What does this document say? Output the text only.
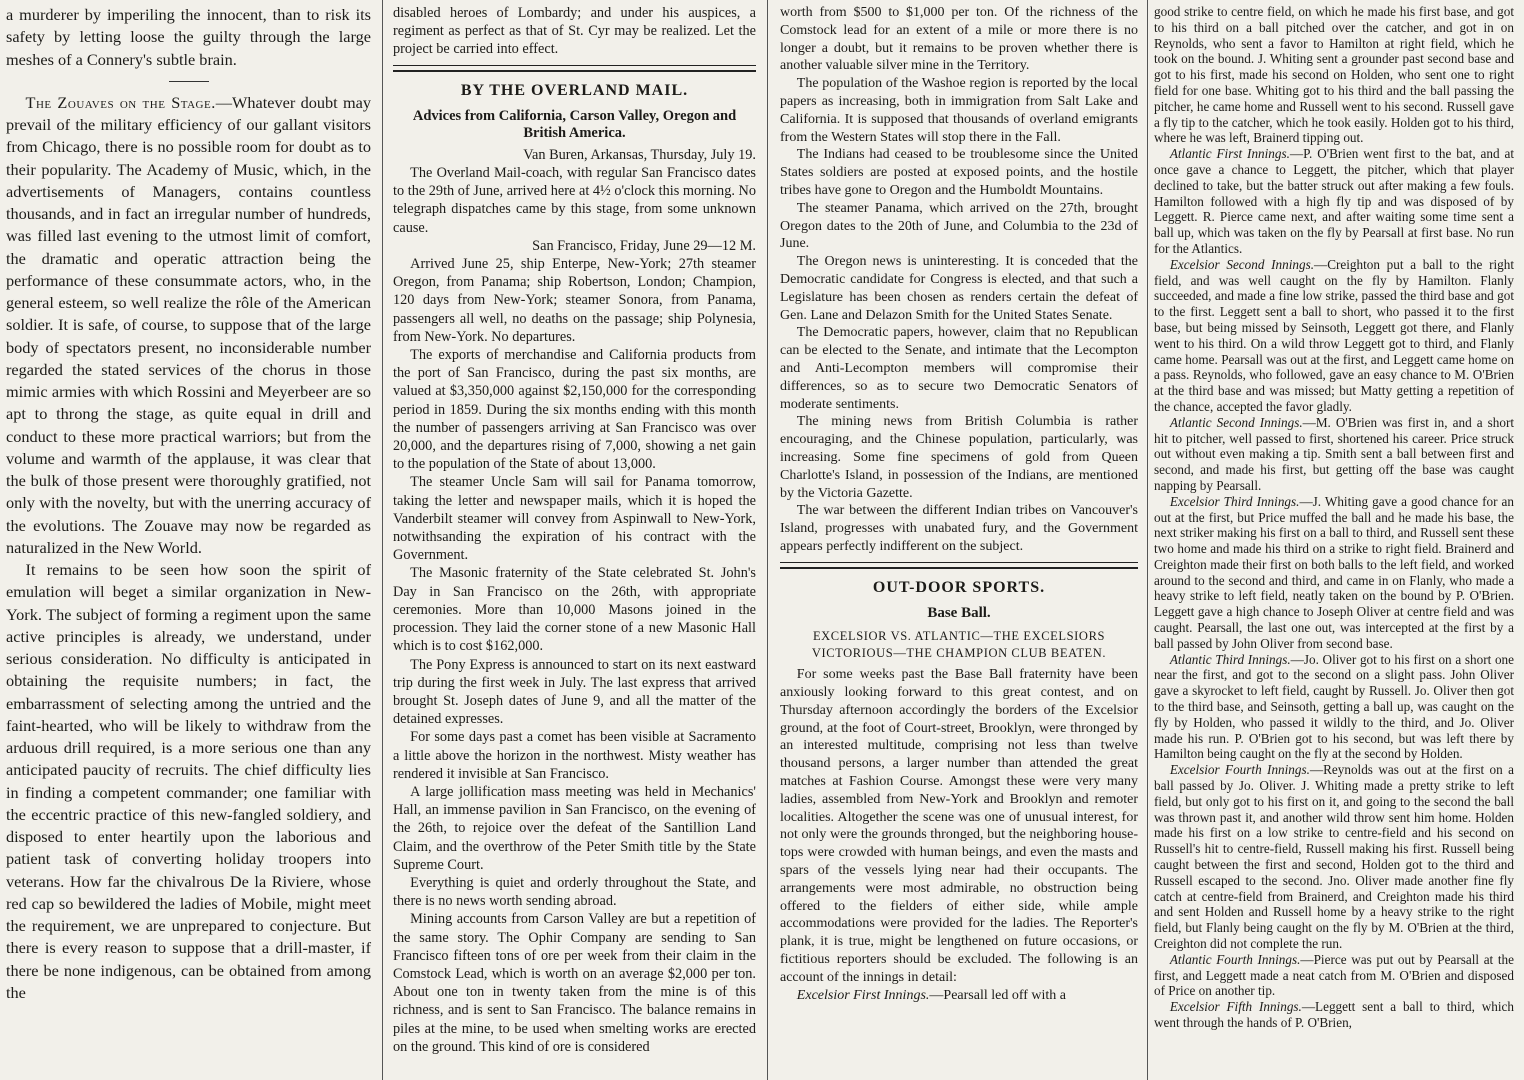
a murderer by imperiling the innocent, than to risk its safety by letting loose the guilty through the large meshes of a Connery's subtle brain.

The Zouaves on the Stage.—Whatever doubt may prevail of the military efficiency of our gallant visitors from Chicago, there is no possible room for doubt as to their popularity. The Academy of Music, which, in the advertisements of Managers, contains countless thousands, and in fact an irregular number of hundreds, was filled last evening to the utmost limit of comfort, the dramatic and operatic attraction being the performance of these consummate actors, who, in the general esteem, so well realize the rôle of the American soldier. It is safe, of course, to suppose that of the large body of spectators present, no inconsiderable number regarded the stated services of the chorus in those mimic armies with which Rossini and Meyerbeer are so apt to throng the stage, as quite equal in drill and conduct to these more practical warriors; but from the volume and warmth of the applause, it was clear that the bulk of those present were thoroughly gratified, not only with the novelty, but with the unerring accuracy of the evolutions. The Zouave may now be regarded as naturalized in the New World.

It remains to be seen how soon the spirit of emulation will beget a similar organization in New-York. The subject of forming a regiment upon the same active principles is already, we understand, under serious consideration. No difficulty is anticipated in obtaining the requisite numbers; in fact, the embarrassment of selecting among the untried and the faint-hearted, who will be likely to withdraw from the arduous drill required, is a more serious one than any anticipated paucity of recruits. The chief difficulty lies in finding a competent commander; one familiar with the eccentric practice of this new-fangled soldiery, and disposed to enter heartily upon the laborious and patient task of converting holiday troopers into veterans. How far the chivalrous De la Riviere, whose red cap so bewildered the ladies of Mobile, might meet the requirement, we are unprepared to conjecture. But there is every reason to suppose that a drill-master, if there be none indigenous, can be obtained from among the

disabled heroes of Lombardy; and under his auspices, a regiment as perfect as that of St. Cyr may be realized. Let the project be carried into effect.

BY THE OVERLAND MAIL.
Advices from California, Carson Valley, Oregon and British America.

Van Buren, Arkansas, Thursday, July 19.

The Overland Mail-coach, with regular San Francisco dates to the 29th of June, arrived here at 4½ o'clock this morning. No telegraph dispatches came by this stage, from some unknown cause.

San Francisco, Friday, June 29—12 M.

Arrived June 25, ship Enterpe, New-York; 27th steamer Oregon, from Panama; ship Robertson, London; Champion, 120 days from New-York; steamer Sonora, from Panama, passengers all well, no deaths on the passage; ship Polynesia, from New-York. No departures.

The exports of merchandise and California products from the port of San Francisco, during the past six months, are valued at $3,350,000 against $2,150,000 for the corresponding period in 1859. During the six months ending with this month the number of passengers arriving at San Francisco was over 20,000, and the departures rising of 7,000, showing a net gain to the population of the State of about 13,000.

The steamer Uncle Sam will sail for Panama tomorrow, taking the letter and newspaper mails, which it is hoped the Vanderbilt steamer will convey from Aspinwall to New-York, notwithsanding the expiration of his contract with the Government.

The Masonic fraternity of the State celebrated St. John's Day in San Francisco on the 26th, with appropriate ceremonies. More than 10,000 Masons joined in the procession. They laid the corner stone of a new Masonic Hall which is to cost $162,000.

The Pony Express is announced to start on its next eastward trip during the first week in July. The last express that arrived brought St. Joseph dates of June 9, and all the matter of the detained expresses.

For some days past a comet has been visible at Sacramento a little above the horizon in the northwest. Misty weather has rendered it invisible at San Francisco.

A large jollification mass meeting was held in Mechanics' Hall, an immense pavilion in San Francisco, on the evening of the 26th, to rejoice over the defeat of the Santillion Land Claim, and the overthrow of the Peter Smith title by the State Supreme Court.

Everything is quiet and orderly throughout the State, and there is no news worth sending abroad.

Mining accounts from Carson Valley are but a repetition of the same story. The Ophir Company are sending to San Francisco fifteen tons of ore per week from their claim in the Comstock Lead, which is worth on an average $2,000 per ton. About one ton in twenty taken from the mine is of this richness, and is sent to San Francisco. The balance remains in piles at the mine, to be used when smelting works are erected on the ground. This kind of ore is considered

worth from $500 to $1,000 per ton. Of the richness of the Comstock lead for an extent of a mile or more there is no longer a doubt, but it remains to be proven whether there is another valuable silver mine in the Territory.

The population of the Washoe region is reported by the local papers as increasing, both in immigration from Salt Lake and California. It is supposed that thousands of overland emigrants from the Western States will stop there in the Fall.

The Indians had ceased to be troublesome since the United States soldiers are posted at exposed points, and the hostile tribes have gone to Oregon and the Humboldt Mountains.

The steamer Panama, which arrived on the 27th, brought Oregon dates to the 20th of June, and Columbia to the 23d of June.

The Oregon news is uninteresting. It is conceded that the Democratic candidate for Congress is elected, and that such a Legislature has been chosen as renders certain the defeat of Gen. Lane and Delazon Smith for the United States Senate.

The Democratic papers, however, claim that no Republican can be elected to the Senate, and intimate that the Lecompton and Anti-Lecompton members will compromise their differences, so as to secure two Democratic Senators of moderate sentiments.

The mining news from British Columbia is rather encouraging, and the Chinese population, particularly, was increasing. Some fine specimens of gold from Queen Charlotte's Island, in possession of the Indians, are mentioned by the Victoria Gazette.

The war between the different Indian tribes on Vancouver's Island, progresses with unabated fury, and the Government appears perfectly indifferent on the subject.

OUT-DOOR SPORTS.
Base Ball.
EXCELSIOR VS. ATLANTIC—THE EXCELSIORS VICTORIOUS—THE CHAMPION CLUB BEATEN.

For some weeks past the Base Ball fraternity have been anxiously looking forward to this great contest, and on Thursday afternoon accordingly the borders of the Excelsior ground, at the foot of Court-street, Brooklyn, were thronged by an interested multitude, comprising not less than twelve thousand persons, a larger number than attended the great matches at Fashion Course. Amongst these were very many ladies, assembled from New-York and Brooklyn and remoter localities. Altogether the scene was one of unusual interest, for not only were the grounds thronged, but the neighboring house-tops were crowded with human beings, and even the masts and spars of the vessels lying near had their occupants. The arrangements were most admirable, no obstruction being offered to the fielders of either side, while ample accommodations were provided for the ladies. The Reporter's plank, it is true, might be lengthened on future occasions, or fictitious reporters should be excluded. The following is an account of the innings in detail:

Excelsior First Innings.—Pearsall led off with a

good strike to centre field, on which he made his first base, and got to his third on a ball pitched over the catcher, and got in on Reynolds, who sent a favor to Hamilton at right field, which he took on the bound. J. Whiting sent a grounder past second base and got to his first, made his second on Holden, who sent one to right field for one base. Whiting got to his third and the ball passing the pitcher, he came home and Russell went to his second. Russell gave a fly tip to the catcher, which he took easily. Holden got to his third, where he was left, Brainerd tipping out.

Atlantic First Innings.—P. O'Brien went first to the bat, and at once gave a chance to Leggett, the pitcher, which that player declined to take, but the batter struck out after making a few fouls. Hamilton followed with a high fly tip and was disposed of by Leggett. R. Pierce came next, and after waiting some time sent a ball up, which was taken on the fly by Pearsall at first base. No run for the Atlantics.

Excelsior Second Innings.—Creighton put a ball to the right field, and was well caught on the fly by Hamilton. Flanly succeeded, and made a fine low strike, passed the third base and got to the first. Leggett sent a ball to short, who passed it to the first base, but being missed by Seinsoth, Leggett got there, and Flanly went to his third. On a wild throw Leggett got to third, and Flanly came home. Pearsall was out at the first, and Leggett came home on a pass. Reynolds, who followed, gave an easy chance to M. O'Brien at the third base and was missed; but Matty getting a repetition of the chance, accepted the favor gladly.

Atlantic Second Innings.—M. O'Brien was first in, and a short hit to pitcher, well passed to first, shortened his career. Price struck out without even making a tip. Smith sent a ball between first and second, and made his first, but getting off the base was caught napping by Pearsall.

Excelsior Third Innings.—J. Whiting gave a good chance for an out at the first, but Price muffed the ball and he made his base, the next striker making his first on a ball to third, and Russell sent these two home and made his third on a strike to right field. Brainerd and Creighton made their first on both balls to the left field, and worked around to the second and third, and came in on Flanly, who made a heavy strike to left field, neatly taken on the bound by P. O'Brien. Leggett gave a high chance to Joseph Oliver at centre field and was caught. Pearsall, the last one out, was intercepted at the first by a ball passed by John Oliver from second base.

Atlantic Third Innings.—Jo. Oliver got to his first on a short one near the first, and got to the second on a slight pass. John Oliver gave a skyrocket to left field, caught by Russell. Jo. Oliver then got to the third base, and Seinsoth, getting a ball up, was caught on the fly by Holden, who passed it wildly to the third, and Jo. Oliver made his run. P. O'Brien got to his second, but was left there by Hamilton being caught on the fly at the second by Holden.

Excelsior Fourth Innings.—Reynolds was out at the first on a ball passed by Jo. Oliver. J. Whiting made a pretty strike to left field, but only got to his first on it, and going to the second the ball was thrown past it, and another wild throw sent him home. Holden made his first on a low strike to centre-field and his second on Russell's hit to centre-field, Russell making his first. Russell being caught between the first and second, Holden got to the third and Russell escaped to the second. Jno. Oliver made another fine fly catch at centre-field from Brainerd, and Creighton made his third and sent Holden and Russell home by a heavy strike to the right field, but Flanly being caught on the fly by M. O'Brien at the third, Creighton did not complete the run.

Atlantic Fourth Innings.—Pierce was put out by Pearsall at the first, and Leggett made a neat catch from M. O'Brien and disposed of Price on another tip.

Excelsior Fifth Innings.—Leggett sent a ball to third, which went through the hands of P. O'Brien,
